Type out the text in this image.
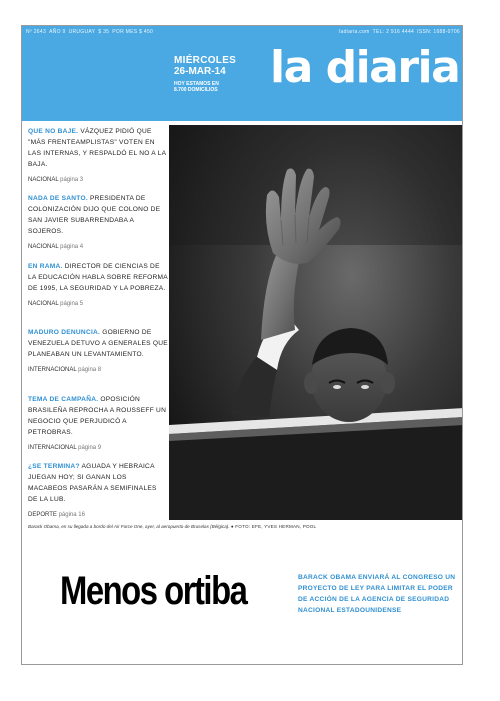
Nº 2643 AÑO 9 URUGUAY $ 35 POR MES $ 450	ladiaria.com TEL: 2 916 4444 ISSN: 1688-0706
MIÉRCOLES
26-MAR-14
HOY ESTAMOS EN
8.700 DOMICILIOS	la diaria
QUE NO BAJE. VÁZQUEZ PIDIÓ QUE "MÁS FRENTEAMPLISTAS" VOTEN EN LAS INTERNAS, Y RESPALDÓ EL NO A LA BAJA.
NACIONAL página 3
NADA DE SANTO. PRESIDENTA DE COLONIZACIÓN DIJO QUE COLONO DE SAN JAVIER SUBARRENDABA A SOJEROS.
NACIONAL página 4
EN RAMA. DIRECTOR DE CIENCIAS DE LA EDUCACIÓN HABLA SOBRE REFORMA DE 1995, LA SEGURIDAD Y LA POBREZA.
NACIONAL página 5
MADURO DENUNCIA. GOBIERNO DE VENEZUELA DETUVO A GENERALES QUE PLANEABAN UN LEVANTAMIENTO.
INTERNACIONAL página 8
TEMA DE CAMPAÑA. OPOSICIÓN BRASILEÑA REPROCHA A ROUSSEFF UN NEGOCIO QUE PERJUDICÓ A PETROBRAS.
INTERNACIONAL página 9
¿SE TERMINA? AGUADA Y HEBRAICA JUEGAN HOY; SI GANAN LOS MACABEOS PASARÁN A SEMIFINALES DE LA LUB.
DEPORTE página 16
Barack Obama, en su llegada a bordo del Air Force One, ayer, al aeropuerto de Bruselas (Bélgica). ● FOTO: EFE, YVES HERMAN, POOL
Menos ortiba	BARACK OBAMA ENVIARÁ AL CONGRESO UN PROYECTO DE LEY PARA LIMITAR EL PODER DE ACCIÓN DE LA AGENCIA DE SEGURIDAD NACIONAL ESTADOUNIDENSE
